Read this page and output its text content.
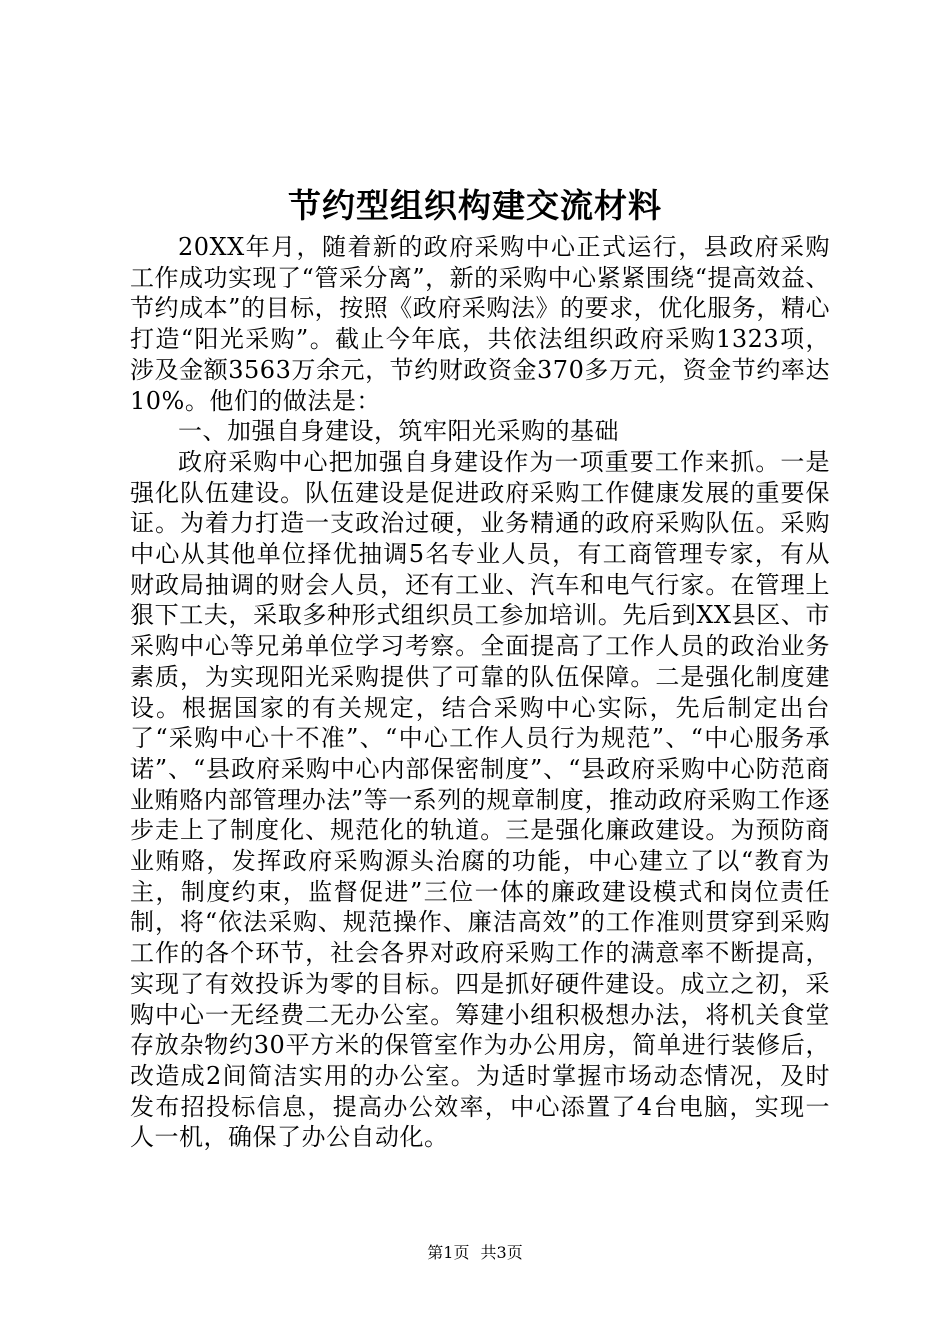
节约型组织构建交流材料

20XX年月，随着新的政府采购中心正式运行，县政府采购工作成功实现了“管采分离”，新的采购中心紧紧围绕“提高效益、节约成本”的目标，按照《政府采购法》的要求，优化服务，精心打造“阳光采购”。截止今年底，共依法组织政府采购1323项，涉及金额3563万余元，节约财政资金370多万元，资金节约率达10%。他们的做法是：

一、加强自身建设，筑牢阳光采购的基础

政府采购中心把加强自身建设作为一项重要工作来抓。一是强化队伍建设。队伍建设是促进政府采购工作健康发展的重要保证。为着力打造一支政治过硬，业务精通的政府采购队伍。采购中心从其他单位择优抽调5名专业人员，有工商管理专家，有从财政局抽调的财会人员，还有工业、汽车和电气行家。在管理上狠下工夫，采取多种形式组织员工参加培训。先后到XX县区、市采购中心等兄弟单位学习考察。全面提高了工作人员的政治业务素质，为实现阳光采购提供了可靠的队伍保障。二是强化制度建设。根据国家的有关规定，结合采购中心实际，先后制定出台了“采购中心十不准”、“中心工作人员行为规范”、“中心服务承诺”、“县政府采购中心内部保密制度”、“县政府采购中心防范商业贿赂内部管理办法”等一系列的规章制度，推动政府采购工作逐步走上了制度化、规范化的轨道。三是强化廉政建设。为预防商业贿赂，发挥政府采购源头治腐的功能，中心建立了以“教育为主，制度约束，监督促进”三位一体的廉政建设模式和岗位责任制，将“依法采购、规范操作、廉洁高效”的工作准则贯穿到采购工作的各个环节，社会各界对政府采购工作的满意率不断提高，实现了有效投诉为零的目标。四是抓好硬件建设。成立之初，采购中心一无经费二无办公室。筹建小组积极想办法，将机关食堂存放杂物约30平方米的保管室作为办公用房，简单进行装修后，改造成2间简洁实用的办公室。为适时掌握市场动态情况，及时发布招投标信息，提高办公效率，中心添置了4台电脑，实现一人一机，确保了办公自动化。

第1页 共3页
